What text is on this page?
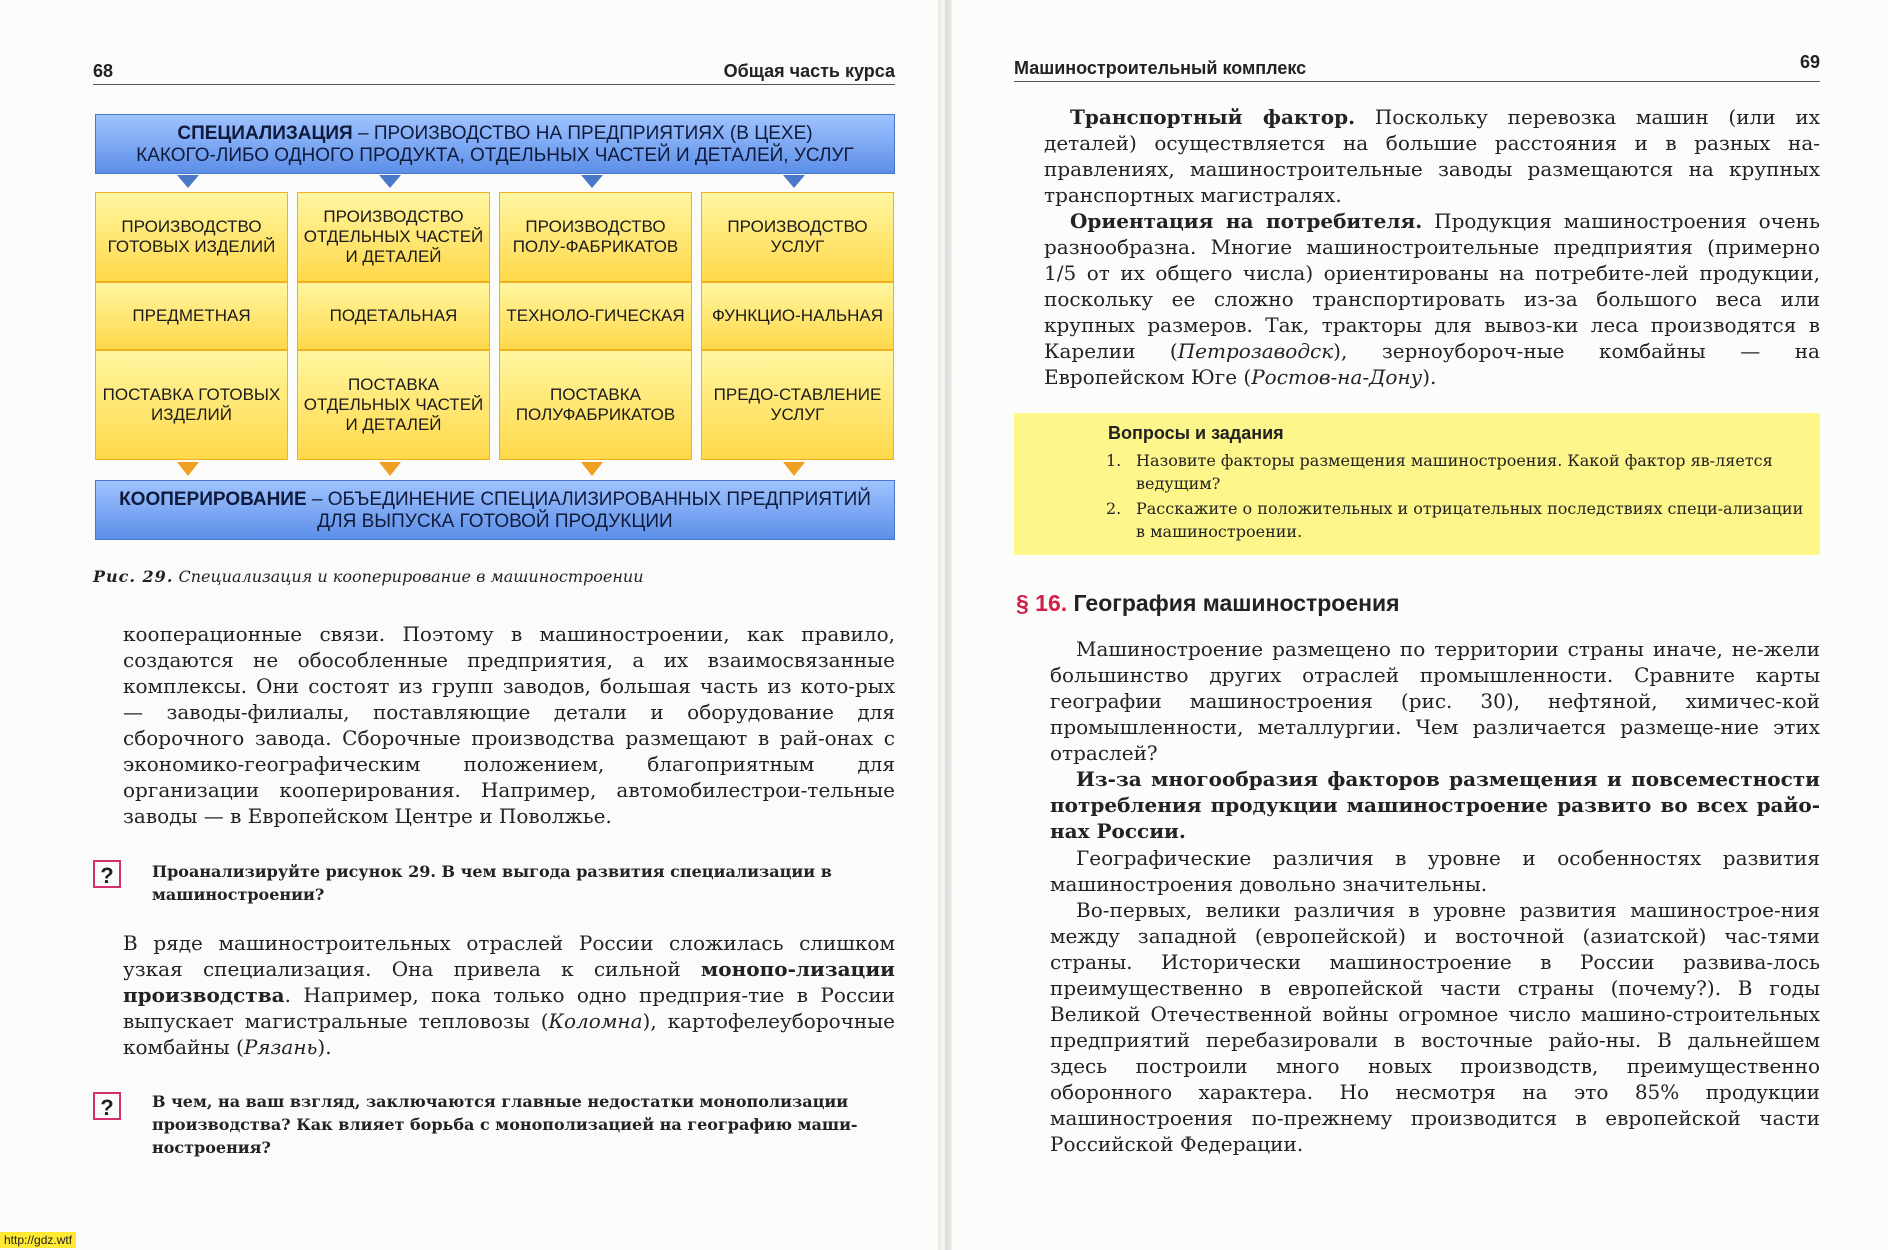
68	Общая часть курса
СПЕЦИАЛИЗАЦИЯ – ПРОИЗВОДСТВО НА ПРЕДПРИЯТИЯХ (В ЦЕХЕ)
КАКОГО-ЛИБО ОДНОГО ПРОДУКТА, ОТДЕЛЬНЫХ ЧАСТЕЙ И ДЕТАЛЕЙ, УСЛУГ
ПРОИЗВОДСТВО ГОТОВЫХ ИЗДЕЛИЙ
ПРЕДМЕТНАЯ
ПОСТАВКА ГОТОВЫХ ИЗДЕЛИЙ
ПРОИЗВОДСТВО ОТДЕЛЬНЫХ ЧАСТЕЙ И ДЕТАЛЕЙ
ПОДЕТАЛЬНАЯ
ПОСТАВКА ОТДЕЛЬНЫХ ЧАСТЕЙ И ДЕТАЛЕЙ
ПРОИЗВОДСТВО ПОЛУ-ФАБРИКАТОВ
ТЕХНОЛО-ГИЧЕСКАЯ
ПОСТАВКА ПОЛУФАБРИКАТОВ
ПРОИЗВОДСТВО УСЛУГ
ФУНКЦИО-НАЛЬНАЯ
ПРЕДО-СТАВЛЕНИЕ УСЛУГ
КООПЕРИРОВАНИЕ – ОБЪЕДИНЕНИЕ СПЕЦИАЛИЗИРОВАННЫХ ПРЕДПРИЯТИЙ
ДЛЯ ВЫПУСКА ГОТОВОЙ ПРОДУКЦИИ
Рис. 29. Специализация и кооперирование в машиностроении
кооперационные связи. Поэтому в машиностроении, как правило, создаются не обособленные предприятия, а их взаимосвязанные комплексы. Они состоят из групп заводов, большая часть из кото-рых — заводы-филиалы, поставляющие детали и оборудование для сборочного завода. Сборочные производства размещают в рай-онах с экономико-географическим положением, благоприятным для организации кооперирования. Например, автомобилестрои-тельные заводы — в Европейском Центре и Поволжье.
?	Проанализируйте рисунок 29. В чем выгода развития специализации в машиностроении?
В ряде машиностроительных отраслей России сложилась слишком узкая специализация. Она привела к сильной монопо-лизации производства. Например, пока только одно предприя-тие в России выпускает магистральные тепловозы (Коломна), картофелеуборочные комбайны (Рязань).
?	В чем, на ваш взгляд, заключаются главные недостатки монополизации производства? Как влияет борьба с монополизацией на географию маши-ностроения?
Машиностроительный комплекс	69
Транспортный фактор. Поскольку перевозка машин (или их деталей) осуществляется на большие расстояния и в разных на-правлениях, машиностроительные заводы размещаются на крупных транспортных магистралях.
Ориентация на потребителя. Продукция машиностроения очень разнообразна. Многие машиностроительные предприятия (примерно 1/5 от их общего числа) ориентированы на потребите-лей продукции, поскольку ее сложно транспортировать из-за большого веса или крупных размеров. Так, тракторы для вывоз-ки леса производятся в Карелии (Петрозаводск), зерноубороч-ные комбайны — на Европейском Юге (Ростов-на-Дону).
Вопросы и задания
1. Назовите факторы размещения машиностроения. Какой фактор яв-ляется ведущим?
2. Расскажите о положительных и отрицательных последствиях специ-ализации в машиностроении.
§ 16. География машиностроения
Машиностроение размещено по территории страны иначе, не-жели большинство других отраслей промышленности. Сравните карты географии машиностроения (рис. 30), нефтяной, химичес-кой промышленности, металлургии. Чем различается размеще-ние этих отраслей?
Из-за многообразия факторов размещения и повсеместности потребления продукции машиностроение развито во всех райо-нах России.
Географические различия в уровне и особенностях развития машиностроения довольно значительны.
Во-первых, велики различия в уровне развития машинострое-ния между западной (европейской) и восточной (азиатской) час-тями страны. Исторически машиностроение в России развива-лось преимущественно в европейской части страны (почему?). В годы Великой Отечественной войны огромное число машино-строительных предприятий перебазировали в восточные райо-ны. В дальнейшем здесь построили много новых производств, преимущественно оборонного характера. Но несмотря на это 85% продукции машиностроения по-прежнему производится в европейской части Российской Федерации.
http://gdz.wtf
